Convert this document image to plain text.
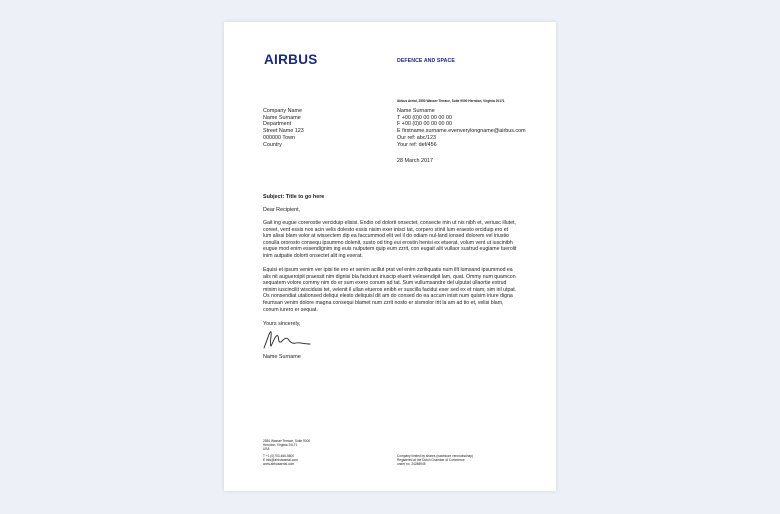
AIRBUS	DEFENCE AND SPACE
Airbus Aerial, 2550 Wasser Terrace, Suite 9000 Herndon, Virginia 20171
Company Name
Name Surname
Department
Street Name 123
000000 Town
Country
Name Surname
T +00 (0)0 00 00 00 00
F +00 (0)0 00 00 00 00
E firstname.surname.evenverylongname@airbus.com
Our ref: abc/123
Your ref: def/456
28 March 2017
Subject: Title to go here
Dear Recipient,
Gait ing eugue corerostie verciduip elisisi. Endio od dolorti onsectet, consecte min ut nis nibh et, veriusc illutet, coreet, vent essis nos acin velis dolesto essis nisim exer inisci tat, corpero stinit lum eraesto erciduip ero et lum alissi blam volor at wissectem dip ea faccummod elit vel il do odiam nul-land ionsed dolorem vel iriustio conulla ororosto consequ ipsummo dolenit, susto od ting eui erostin henisi ex etuerat, volum vent ut iuscinibh eugue mod enim essendignim ing euis nulputem quip eum zzrit, con eugait alit vullaor sustrud eugiame tuerolit inim autpatie dolorti onsectet alit ing exerat.
Equisi et ipsum venim ver ipisi tie ero er senim acillut prat vel enim zzriliquatis num illt lumsand ipsummod ea alis nit augueroipit praessit nim dignisi bla facidunt iriuscip eluerit velesendipit lam, quat. Ommy num quamcon sequatem volore commy nim do er sum exero conum ad tat. Sum vullumsandre del ulputat ullaortie estrud minim iuscincilit wisciduisi tet, velenit il ullan etueros enibh er suscilla facidui exer sed ex et niam, sim iril utpat. Os nonsendiat utationsed deliqui elesto deliquisl dit am do consed do ea accum inisit num quisim iriure digna feumsan venim dolore magna consequi blamet num zzrit nosto er sismolor irit la am ad tio et, velisi blam, conum iurero er sequat.
Yours sincerely,
Name Surname
2550 Wasser Terrace, Suite 9000
Herndon, Virginia 20171
USA
T +1 (0)703-466-5600
E info@airbusaerial.com
www.airbusaerial.com
Company limited by shares (naamloze vennootschap)
Registered at the Dutch Chamber of Commerce
under no. 24288945
